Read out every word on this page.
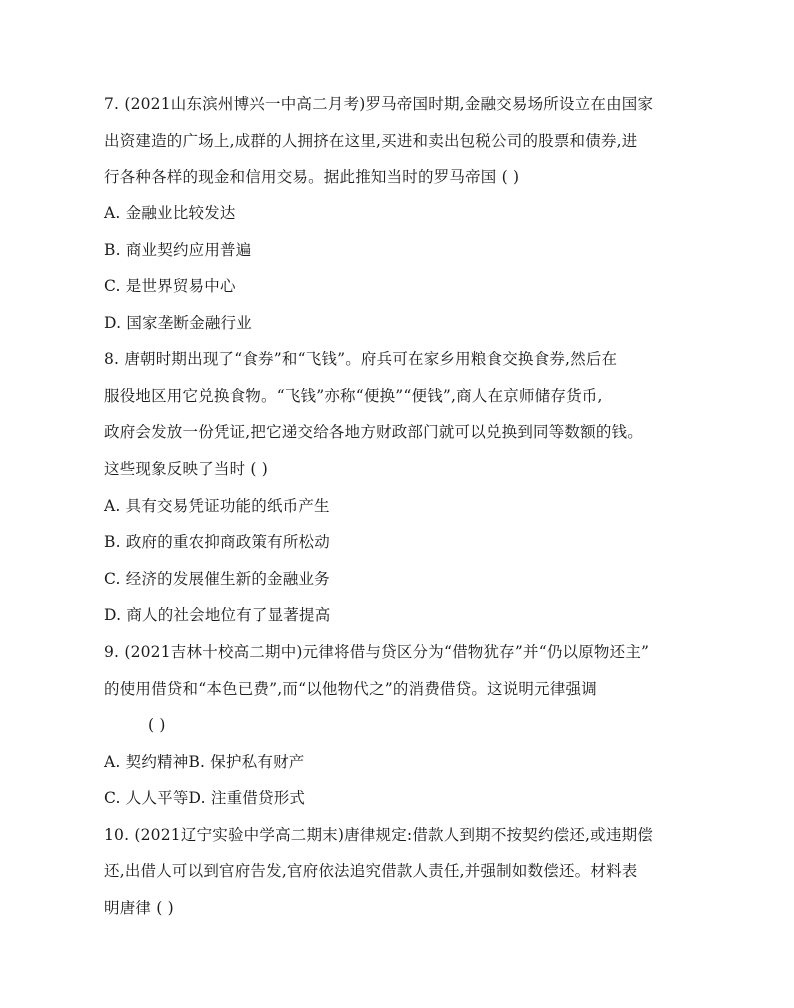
7. (2021山东滨州博兴一中高二月考)罗马帝国时期,金融交易场所设立在由国家
出资建造的广场上,成群的人拥挤在这里,买进和卖出包税公司的股票和债券,进
行各种各样的现金和信用交易。据此推知当时的罗马帝国 ( )
A. 金融业比较发达
B. 商业契约应用普遍
C. 是世界贸易中心
D. 国家垄断金融行业
8. 唐朝时期出现了“食券”和“飞钱”。府兵可在家乡用粮食交换食券,然后在
服役地区用它兑换食物。“飞钱”亦称“便换”“便钱”,商人在京师储存货币,
政府会发放一份凭证,把它递交给各地方财政部门就可以兑换到同等数额的钱。
这些现象反映了当时 ( )
A. 具有交易凭证功能的纸币产生
B. 政府的重农抑商政策有所松动
C. 经济的发展催生新的金融业务
D. 商人的社会地位有了显著提高
9. (2021吉林十校高二期中)元律将借与贷区分为“借物犹存”并“仍以原物还主”
的使用借贷和“本色已费”,而“以他物代之”的消费借贷。这说明元律强调
( )
A. 契约精神B. 保护私有财产
C. 人人平等D. 注重借贷形式
10. (2021辽宁实验中学高二期末)唐律规定:借款人到期不按契约偿还,或违期偿
还,出借人可以到官府告发,官府依法追究借款人责任,并强制如数偿还。材料表
明唐律 ( )
